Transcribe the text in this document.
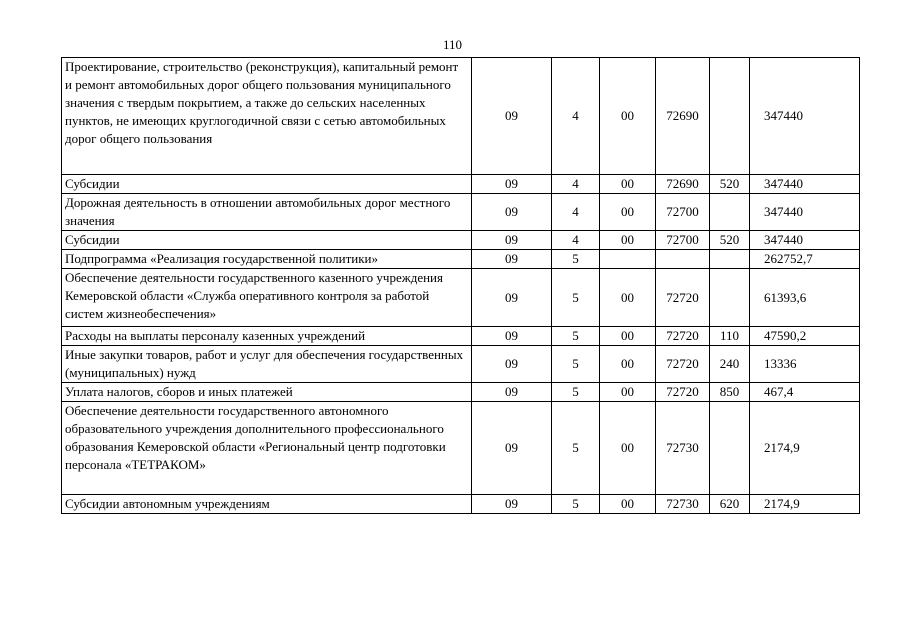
110
Проектирование, строительство (реконструкция), капитальный ремонт и ремонт автомобильных дорог общего пользования муниципального значения с твердым покрытием, а также до сельских населенных пунктов, не имеющих круглогодичной связи с сетью автомобильных дорог общего пользования	09	4	00	72690		347440
Субсидии	09	4	00	72690	520	347440
Дорожная деятельность в отношении автомобильных дорог местного значения	09	4	00	72700		347440
Субсидии	09	4	00	72700	520	347440
Подпрограмма «Реализация государственной политики»	09	5				262752,7
Обеспечение деятельности государственного казенного учреждения Кемеровской области «Служба оперативного контроля за работой систем жизнеобеспечения»	09	5	00	72720		61393,6
Расходы на выплаты персоналу казенных учреждений	09	5	00	72720	110	47590,2
Иные закупки товаров, работ и услуг для обеспечения государственных (муниципальных) нужд	09	5	00	72720	240	13336
Уплата налогов, сборов и иных платежей	09	5	00	72720	850	467,4
Обеспечение деятельности государственного автономного образовательного учреждения дополнительного профессионального образования Кемеровской области «Региональный центр подготовки персонала «ТЕТРАКОМ»	09	5	00	72730		2174,9
Субсидии автономным учреждениям	09	5	00	72730	620	2174,9
